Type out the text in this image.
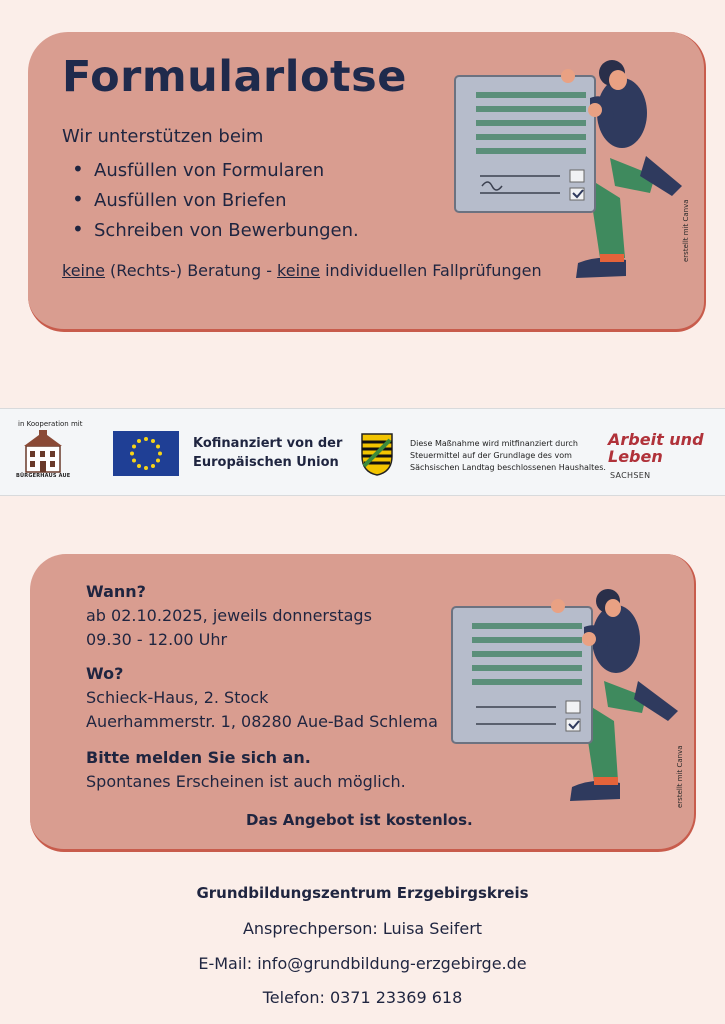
Formularlotse
Wir unterstützen beim
• Ausfüllen von Formularen
• Ausfüllen von Briefen
• Schreiben von Bewerbungen.
keine (Rechts-) Beratung - keine individuellen Fallprüfungen
erstellt mit Canva
in Kooperation mit
BÜRGERHAUS AUE
Kofinanziert von der
Europäischen Union
Diese Maßnahme wird mitfinanziert durch Steuermittel auf der Grundlage des vom Sächsischen Landtag beschlossenen Haushaltes.
Arbeit und
Leben
SACHSEN
Wann?
ab 02.10.2025, jeweils donnerstags
09.30 - 12.00 Uhr
Wo?
Schieck-Haus, 2. Stock
Auerhammerstr. 1, 08280 Aue-Bad Schlema
Bitte melden Sie sich an.
Spontanes Erscheinen ist auch möglich.
Das Angebot ist kostenlos.
erstellt mit Canva
Grundbildungszentrum Erzgebirgskreis
Ansprechperson: Luisa Seifert
E-Mail: info@grundbildung-erzgebirge.de
Telefon: 0371 23369 618
